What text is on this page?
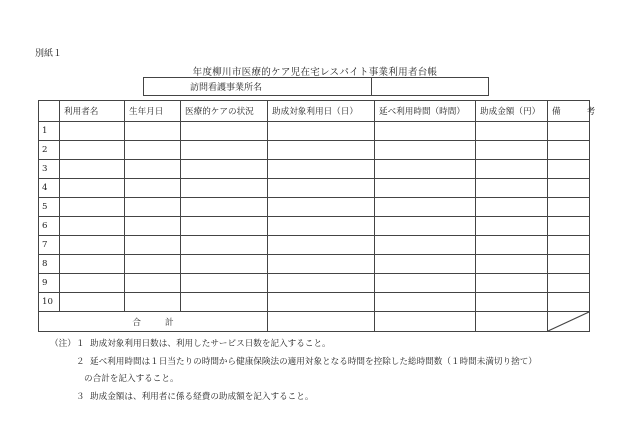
別紙１
年度柳川市医療的ケア児在宅レスパイト事業利用者台帳
訪問看護事業所名	
	利用者名	生年月日	医療的ケアの状況	助成対象利用日（日）	延べ利用時間（時間）	助成金額（円）	備 考
1							
2							
3							
4							
5							
6							
7							
8							
9							
10							
合 計				
（注）１ 助成対象利用日数は、利用したサービス日数を記入すること。
２ 延べ利用時間は１日当たりの時間から健康保険法の適用対象となる時間を控除した総時間数（１時間未満切り捨て）
の合計を記入すること。
３ 助成金額は、利用者に係る経費の助成額を記入すること。
